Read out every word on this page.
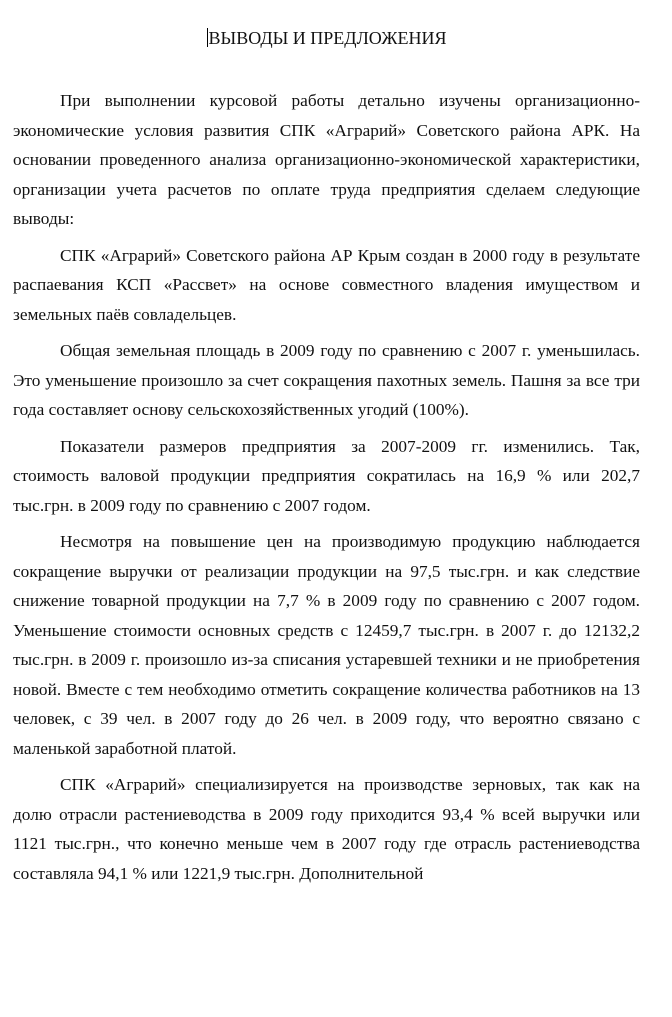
ВЫВОДЫ И ПРЕДЛОЖЕНИЯ

При выполнении курсовой работы детально изучены организационно-экономические условия развития СПК «Аграрий» Советского района АРК. На основании проведенного анализа организационно-экономической характеристики, организации учета расчетов по оплате труда предприятия сделаем следующие выводы:

СПК «Аграрий» Советского района АР Крым создан в 2000 году в результате распаевания КСП «Рассвет» на основе совместного владения имуществом и земельных паёв совладельцев.

Общая земельная площадь в 2009 году по сравнению с 2007 г. уменьшилась. Это уменьшение произошло за счет сокращения пахотных земель. Пашня за все три года составляет основу сельскохозяйственных угодий (100%).

Показатели размеров предприятия за 2007-2009 гг. изменились. Так, стоимость валовой продукции предприятия сократилась на 16,9 % или 202,7 тыс.грн. в 2009 году по сравнению с 2007 годом.

Несмотря на повышение цен на производимую продукцию наблюдается сокращение выручки от реализации продукции на 97,5 тыс.грн. и как следствие снижение товарной продукции на 7,7 % в 2009 году по сравнению с 2007 годом. Уменьшение стоимости основных средств с 12459,7 тыс.грн. в 2007 г. до 12132,2 тыс.грн. в 2009 г. произошло из-за списания устаревшей техники и не приобретения новой. Вместе с тем необходимо отметить сокращение количества работников на 13 человек, с 39 чел. в 2007 году до 26 чел. в 2009 году, что вероятно связано с маленькой заработной платой.

СПК «Аграрий» специализируется на производстве зерновых, так как на долю отрасли растениеводства в 2009 году приходится 93,4 % всей выручки или 1121 тыс.грн., что конечно меньше чем в 2007 году где отрасль растениеводства составляла 94,1 % или 1221,9 тыс.грн. Дополнительной
